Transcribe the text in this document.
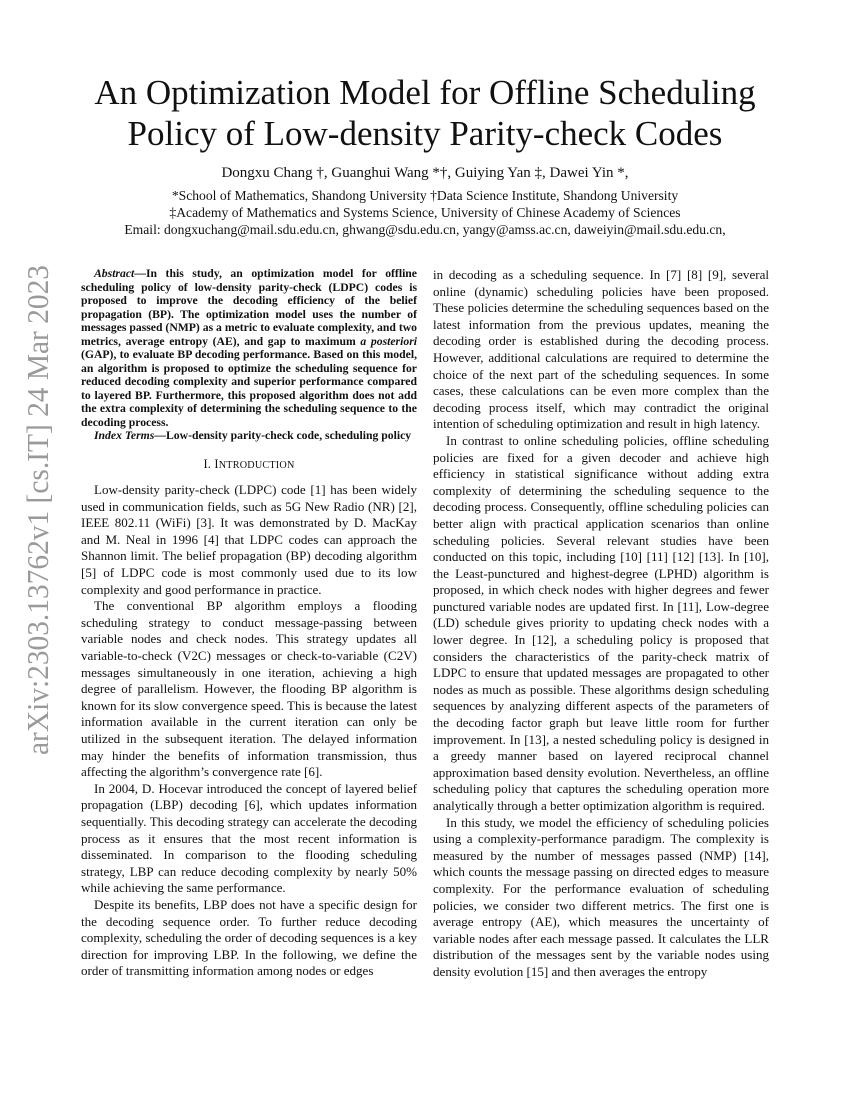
arXiv:2303.13762v1 [cs.IT] 24 Mar 2023
An Optimization Model for Offline Scheduling
Policy of Low-density Parity-check Codes
Dongxu Chang †, Guanghui Wang *†, Guiying Yan ‡, Dawei Yin *,
*School of Mathematics, Shandong University †Data Science Institute, Shandong University
‡Academy of Mathematics and Systems Science, University of Chinese Academy of Sciences
Email: dongxuchang@mail.sdu.edu.cn, ghwang@sdu.edu.cn, yangy@amss.ac.cn, daweiyin@mail.sdu.edu.cn,

Abstract—In this study, an optimization model for offline scheduling policy of low-density parity-check (LDPC) codes is proposed to improve the decoding efficiency of the belief propagation (BP). The optimization model uses the number of messages passed (NMP) as a metric to evaluate complexity, and two metrics, average entropy (AE), and gap to maximum a posteriori (GAP), to evaluate BP decoding performance. Based on this model, an algorithm is proposed to optimize the scheduling sequence for reduced decoding complexity and superior performance compared to layered BP. Furthermore, this proposed algorithm does not add the extra complexity of determining the scheduling sequence to the decoding process.

Index Terms—Low-density parity-check code, scheduling policy

I. INTRODUCTION

Low-density parity-check (LDPC) code [1] has been widely used in communication fields, such as 5G New Radio (NR) [2], IEEE 802.11 (WiFi) [3]. It was demonstrated by D. MacKay and M. Neal in 1996 [4] that LDPC codes can approach the Shannon limit. The belief propagation (BP) decoding algorithm [5] of LDPC code is most commonly used due to its low complexity and good performance in practice.

The conventional BP algorithm employs a flooding scheduling strategy to conduct message-passing between variable nodes and check nodes. This strategy updates all variable-to-check (V2C) messages or check-to-variable (C2V) messages simultaneously in one iteration, achieving a high degree of parallelism. However, the flooding BP algorithm is known for its slow convergence speed. This is because the latest information available in the current iteration can only be utilized in the subsequent iteration. The delayed information may hinder the benefits of information transmission, thus affecting the algorithm’s convergence rate [6].

In 2004, D. Hocevar introduced the concept of layered belief propagation (LBP) decoding [6], which updates information sequentially. This decoding strategy can accelerate the decoding process as it ensures that the most recent information is disseminated. In comparison to the flooding scheduling strategy, LBP can reduce decoding complexity by nearly 50% while achieving the same performance.

Despite its benefits, LBP does not have a specific design for the decoding sequence order. To further reduce decoding complexity, scheduling the order of decoding sequences is a key direction for improving LBP. In the following, we define the order of transmitting information among nodes or edges

in decoding as a scheduling sequence. In [7] [8] [9], several online (dynamic) scheduling policies have been proposed. These policies determine the scheduling sequences based on the latest information from the previous updates, meaning the decoding order is established during the decoding process. However, additional calculations are required to determine the choice of the next part of the scheduling sequences. In some cases, these calculations can be even more complex than the decoding process itself, which may contradict the original intention of scheduling optimization and result in high latency.

In contrast to online scheduling policies, offline scheduling policies are fixed for a given decoder and achieve high efficiency in statistical significance without adding extra complexity of determining the scheduling sequence to the decoding process. Consequently, offline scheduling policies can better align with practical application scenarios than online scheduling policies. Several relevant studies have been conducted on this topic, including [10] [11] [12] [13]. In [10], the Least-punctured and highest-degree (LPHD) algorithm is proposed, in which check nodes with higher degrees and fewer punctured variable nodes are updated first. In [11], Low-degree (LD) schedule gives priority to updating check nodes with a lower degree. In [12], a scheduling policy is proposed that considers the characteristics of the parity-check matrix of LDPC to ensure that updated messages are propagated to other nodes as much as possible. These algorithms design scheduling sequences by analyzing different aspects of the parameters of the decoding factor graph but leave little room for further improvement. In [13], a nested scheduling policy is designed in a greedy manner based on layered reciprocal channel approximation based density evolution. Nevertheless, an offline scheduling policy that captures the scheduling operation more analytically through a better optimization algorithm is required.

In this study, we model the efficiency of scheduling policies using a complexity-performance paradigm. The complexity is measured by the number of messages passed (NMP) [14], which counts the message passing on directed edges to measure complexity. For the performance evaluation of scheduling policies, we consider two different metrics. The first one is average entropy (AE), which measures the uncertainty of variable nodes after each message passed. It calculates the LLR distribution of the messages sent by the variable nodes using density evolution [15] and then averages the entropy
